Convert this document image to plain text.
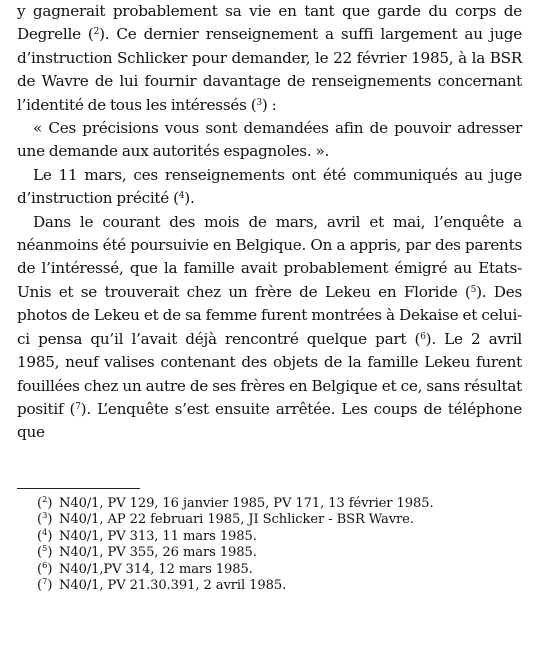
y gagnerait probablement sa vie en tant que garde du corps de Degrelle ($^2$). Ce dernier renseignement a suffi largement au juge d’instruction Schlicker pour demander, le 22 février 1985, à la BSR de Wavre de lui fournir davantage de renseignements concernant l’identité de tous les intéressés ($^3$) :

« Ces précisions vous sont demandées afin de pouvoir adresser une demande aux autorités espagnoles. ».

Le 11 mars, ces renseignements ont été communiqués au juge d’instruction précité ($^4$).

Dans le courant des mois de mars, avril et mai, l’enquête a néanmoins été poursuivie en Belgique. On a appris, par des parents de l’intéressé, que la famille avait probablement émigré au Etats-Unis et se trouverait chez un frère de Lekeu en Floride ($^5$). Des photos de Lekeu et de sa femme furent montrées à Dekaise et celui-ci pensa qu’il l’avait déjà rencontré quelque part ($^6$). Le 2 avril 1985, neuf valises contenant des objets de la famille Lekeu furent fouillées chez un autre de ses frères en Belgique et ce, sans résultat positif ($^7$). L’enquête s’est ensuite arrêtée. Les coups de téléphone que

($^2$) N40/1, PV 129, 16 janvier 1985, PV 171, 13 février 1985.
($^3$) N40/1, AP 22 februari 1985, JI Schlicker - BSR Wavre.
($^4$) N40/1, PV 313, 11 mars 1985.
($^5$) N40/1, PV 355, 26 mars 1985.
($^6$) N40/1,PV 314, 12 mars 1985.
($^7$) N40/1, PV 21.30.391, 2 avril 1985.
